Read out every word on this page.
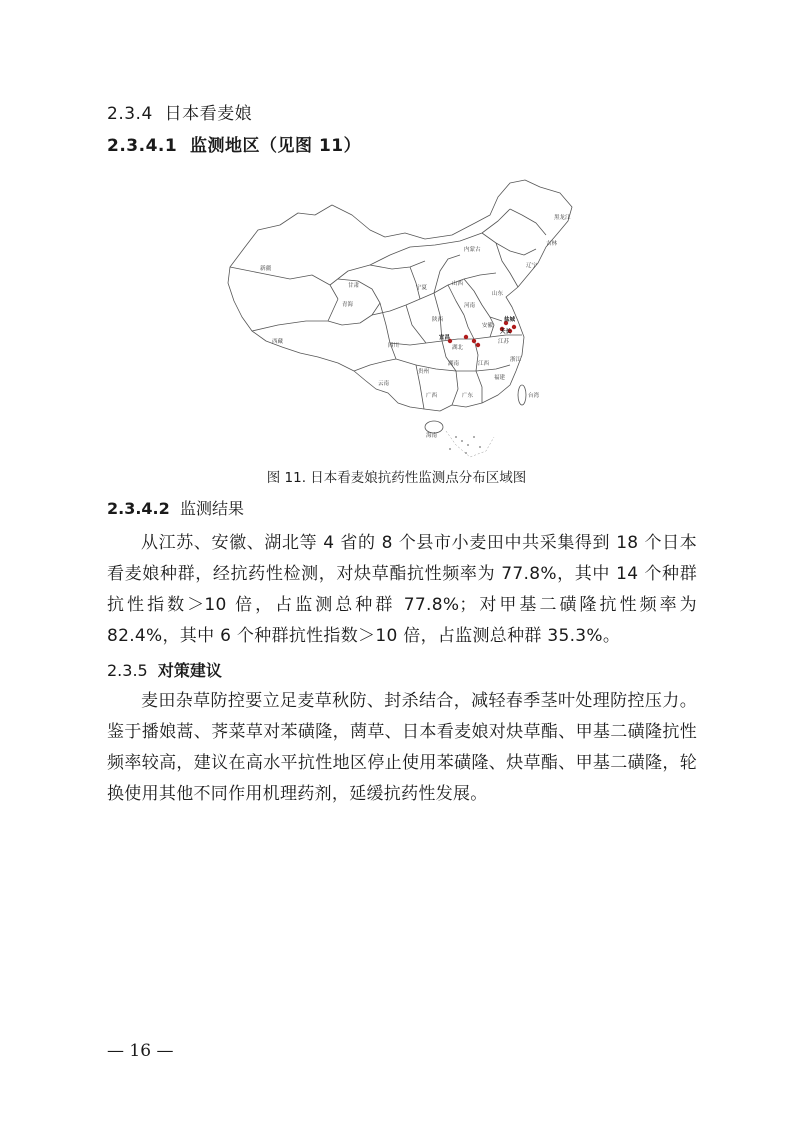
2.3.4 日本看麦娘
2.3.4.1 监测地区（见图 11）
新疆
西藏
青海
甘肃
内蒙古
黑龙江
吉林
辽宁
宁夏
山西
陕西
河南
山东
四川	湖北
安徽
江苏
湖南	江西
贵州
云南
广西	广东
福建
浙江
台湾
海南
宜昌
盐城
天长
图 11. 日本看麦娘抗药性监测点分布区域图
2.3.4.2 监测结果
从江苏、安徽、湖北等 4 省的 8 个县市小麦田中共采集得到 18 个日本看麦娘种群，经抗药性检测，对炔草酯抗性频率为 77.8%，其中 14 个种群抗性指数＞10 倍，占监测总种群 77.8%；对甲基二磺隆抗性频率为 82.4%，其中 6 个种群抗性指数＞10 倍，占监测总种群 35.3%。
2.3.5 对策建议
麦田杂草防控要立足麦草秋防、封杀结合，减轻春季茎叶处理防控压力。鉴于播娘蒿、荠菜草对苯磺隆，菵草、日本看麦娘对炔草酯、甲基二磺隆抗性频率较高，建议在高水平抗性地区停止使用苯磺隆、炔草酯、甲基二磺隆，轮换使用其他不同作用机理药剂，延缓抗药性发展。
— 16 —
